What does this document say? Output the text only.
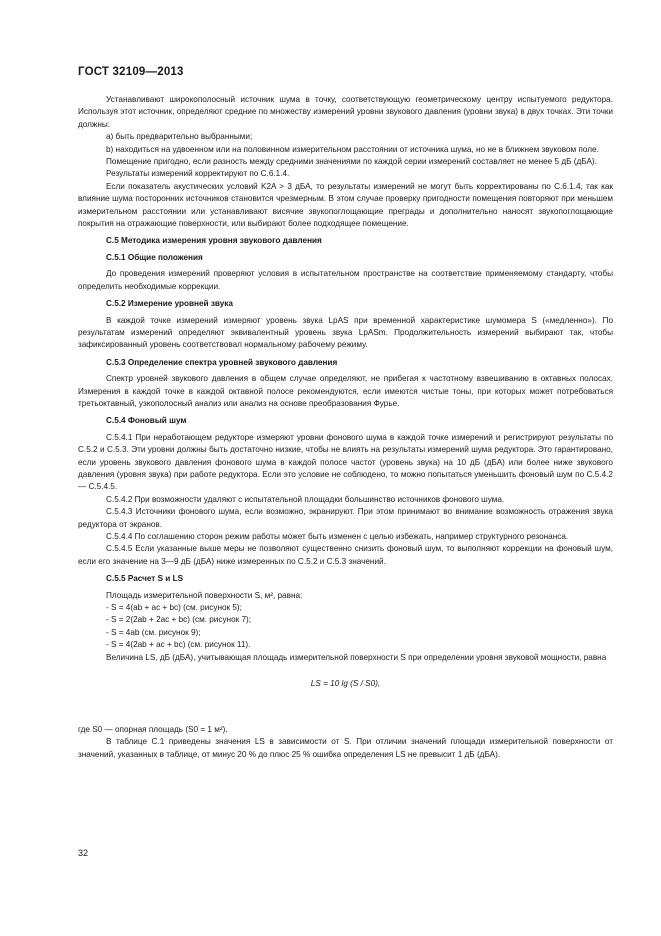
ГОСТ 32109—2013

Устанавливают широкополосный источник шума в точку, соответствующую геометрическому центру испытуемого редуктора. Используя этот источник, определяют средние по множеству измерений уровни звукового давления (уровни звука) в двух точках. Эти точки должны:

а) быть предварительно выбранными;

b) находиться на удвоенном или на половинном измерительном расстоянии от источника шума, но не в ближнем звуковом поле.

Помещение пригодно, если разность между средними значениями по каждой серии измерений составляет не менее 5 дБ (дБА).

Результаты измерений корректируют по С.6.1.4.

Если показатель акустических условий K2A > 3 дБА, то результаты измерений не могут быть корректированы по С.6.1.4, так как влияние шума посторонних источников становится чрезмерным. В этом случае проверку пригодности помещения повторяют при меньшем измерительном расстоянии или устанавливают висячие звукопоглощающие преграды и дополнительно наносят звукопоглощающие покрытия на отражающие поверхности, или выбирают более подходящее помещение.

С.5 Методика измерения уровня звукового давления
С.5.1 Общие положения

До проведения измерений проверяют условия в испытательном пространстве на соответствие применяемому стандарту, чтобы определить необходимые коррекции.

С.5.2 Измерение уровней звука

В каждой точке измерений измеряют уровень звука LpAS при временной характеристике шумомера S («медленно»). По результатам измерений определяют эквивалентный уровень звука LpASm. Продолжительность измерений выбирают так, чтобы зафиксированный уровень соответствовал нормальному рабочему режиму.

С.5.3 Определение спектра уровней звукового давления

Спектр уровней звукового давления в общем случае определяют, не прибегая к частотному взвешиванию в октавных полосах. Измерения в каждой точке в каждой октавной полосе рекомендуются, если имеются чистые тоны, при которых может потребоваться третьоктавный, узкополосный анализ или анализ на основе преобразования Фурье.

С.5.4 Фоновый шум

С.5.4.1 При неработающем редукторе измеряют уровни фонового шума в каждой точке измерений и регистрируют результаты по С.5.2 и С.5.3. Эти уровни должны быть достаточно низкие, чтобы не влиять на результаты измерений шума редуктора. Это гарантировано, если уровень звукового давления фонового шума в каждой полосе частот (уровень звука) на 10 дБ (дБА) или более ниже звукового давления (уровня звука) при работе редуктора. Если это условие не соблюдено, то можно попытаться уменьшить фоновый шум по С.5.4.2 — С.5.4.5.

С.5.4.2 При возможности удаляют с испытательной площадки большинство источников фонового шума.

С.5.4.3 Источники фонового шума, если возможно, экранируют. При этом принимают во внимание возможность отражения звука редуктора от экранов.

С.5.4.4 По соглашению сторон режим работы может быть изменен с целью избежать, например структурного резонанса.

С.5.4.5 Если указанные выше меры не позволяют существенно снизить фоновый шум, то выполняют коррекции на фоновый шум, если его значение на 3—9 дБ (дБА) ниже измеренных по С.5.2 и С.5.3 значений.

С.5.5 Расчет S и LS

Площадь измерительной поверхности S, м², равна:

- S = 4(ab + ac + bc) (см. рисунок 5);

- S = 2(2ab + 2ac + bc) (см. рисунок 7);

- S = 4ab (см. рисунок 9);

- S = 4(2ab + ac + bc) (см. рисунок 11).

Величина LS, дБ (дБА), учитывающая площадь измерительной поверхности S при определении уровня звуковой мощности, равна

LS = 10 lg (S / S0),

где S0 — опорная площадь (S0 = 1 м²).

В таблице С.1 приведены значения LS в зависимости от S. При отличии значений площади измерительной поверхности от значений, указанных в таблице, от минус 20 % до плюс 25 % ошибка определения LS не превысит 1 дБ (дБА).

32
